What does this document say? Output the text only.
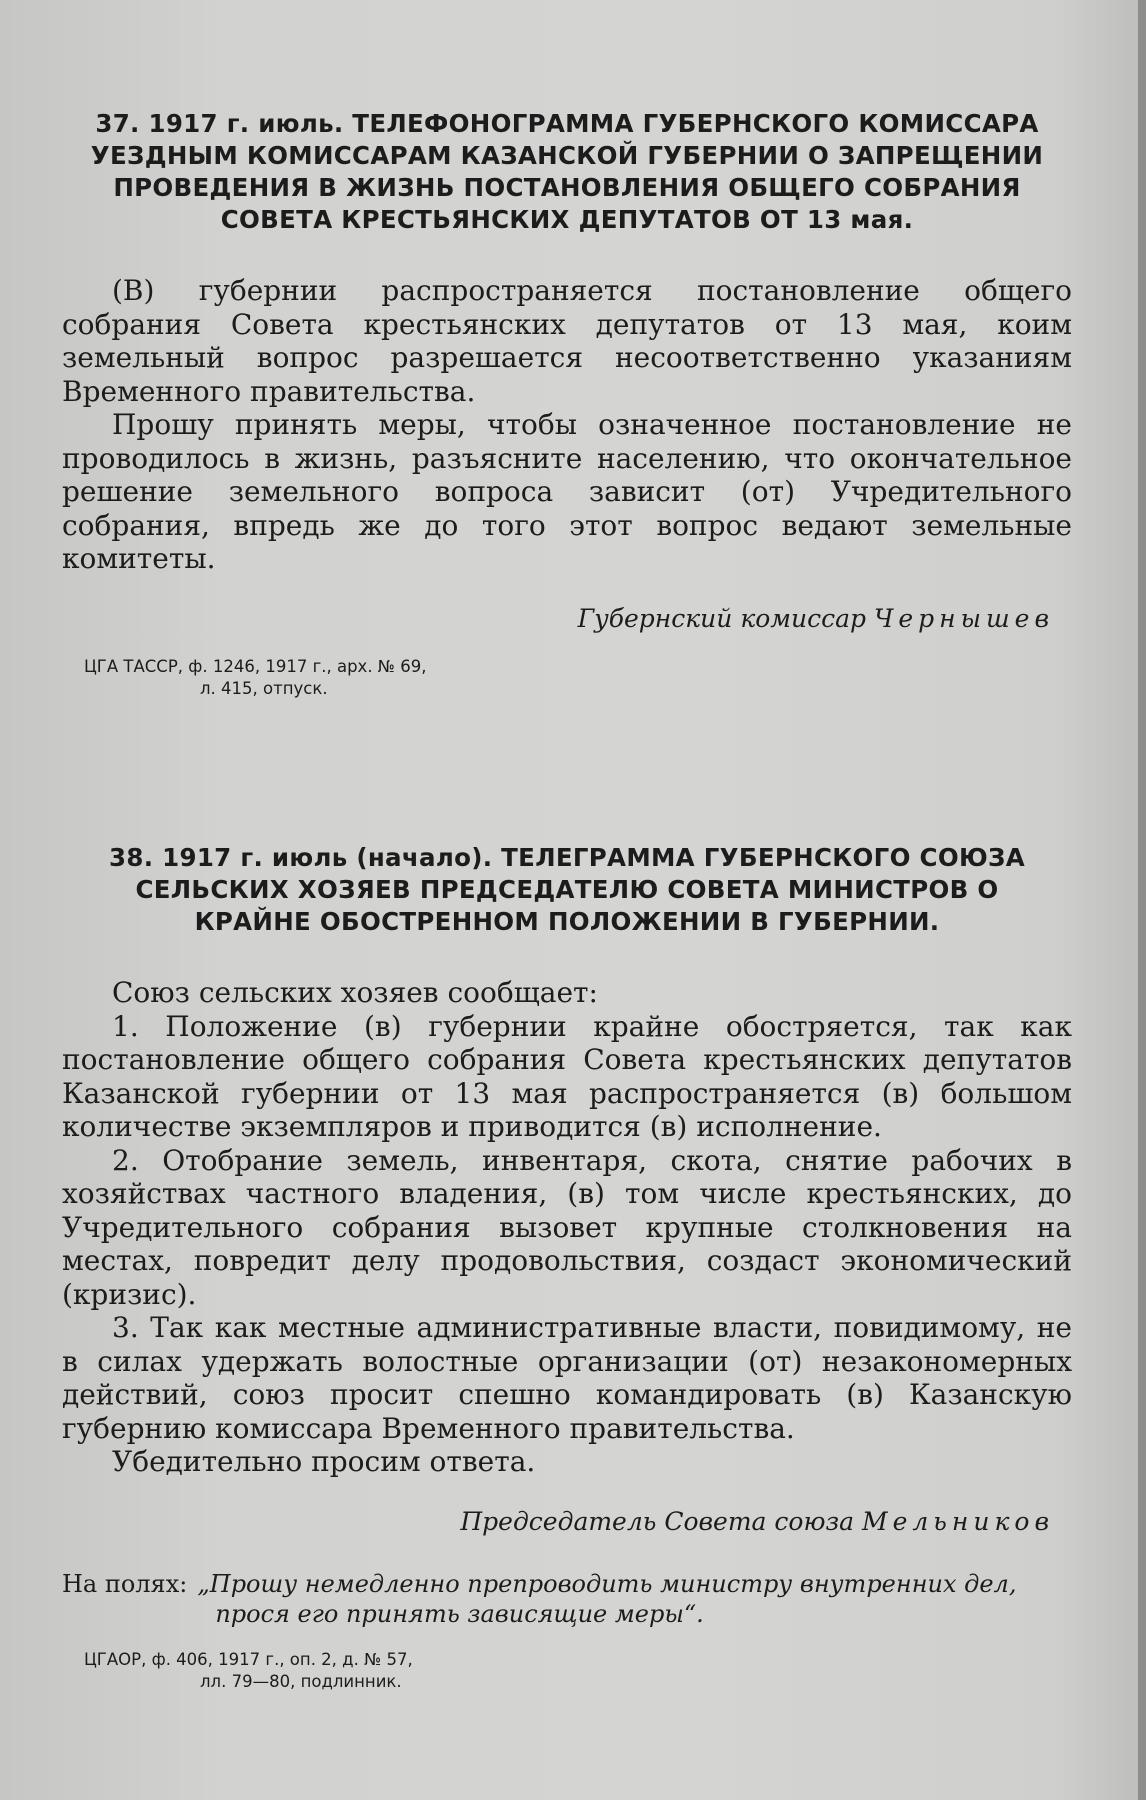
37. 1917 г. июль. ТЕЛЕФОНОГРАММА ГУБЕРНСКОГО КОМИССАРА
УЕЗДНЫМ КОМИССАРАМ КАЗАНСКОЙ ГУБЕРНИИ О ЗАПРЕЩЕНИИ
ПРОВЕДЕНИЯ В ЖИЗНЬ ПОСТАНОВЛЕНИЯ ОБЩЕГО СОБРАНИЯ
СОВЕТА КРЕСТЬЯНСКИХ ДЕПУТАТОВ ОТ 13 мая.

(В) губернии распространяется постановление общего собрания Совета крестьянских депутатов от 13 мая, коим земельный вопрос разрешается несоответственно указаниям Временного правительства.

Прошу принять меры, чтобы означенное постановление не проводилось в жизнь, разъясните населению, что окончательное решение земельного вопроса зависит (от) Учредительного собрания, впредь же до того этот вопрос ведают земельные комитеты.

Губернский комиссар Чернышев
ЦГА ТАССР, ф. 1246, 1917 г., арх. № 69,
л. 415, отпуск.
38. 1917 г. июль (начало). ТЕЛЕГРАММА ГУБЕРНСКОГО СОЮЗА
СЕЛЬСКИХ ХОЗЯЕВ ПРЕДСЕДАТЕЛЮ СОВЕТА МИНИСТРОВ О
КРАЙНЕ ОБОСТРЕННОМ ПОЛОЖЕНИИ В ГУБЕРНИИ.

Союз сельских хозяев сообщает:

1. Положение (в) губернии крайне обостряется, так как постановление общего собрания Совета крестьянских депутатов Казанской губернии от 13 мая распространяется (в) большом количестве экземпляров и приводится (в) исполнение.

2. Отобрание земель, инвентаря, скота, снятие рабочих в хозяйствах частного владения, (в) том числе крестьянских, до Учредительного собрания вызовет крупные столкновения на местах, повредит делу продовольствия, создаст экономический (кризис).

3. Так как местные административные власти, повидимому, не в силах удержать волостные организации (от) незакономерных действий, союз просит спешно командировать (в) Казанскую губернию комиссара Временного правительства.

Убедительно просим ответа.

Председатель Совета союза Мельников
На полях: „Прошу немедленно препроводить министру внутренних дел,
прося его принять зависящие меры“.
ЦГАОР, ф. 406, 1917 г., оп. 2, д. № 57,
лл. 79—80, подлинник.
